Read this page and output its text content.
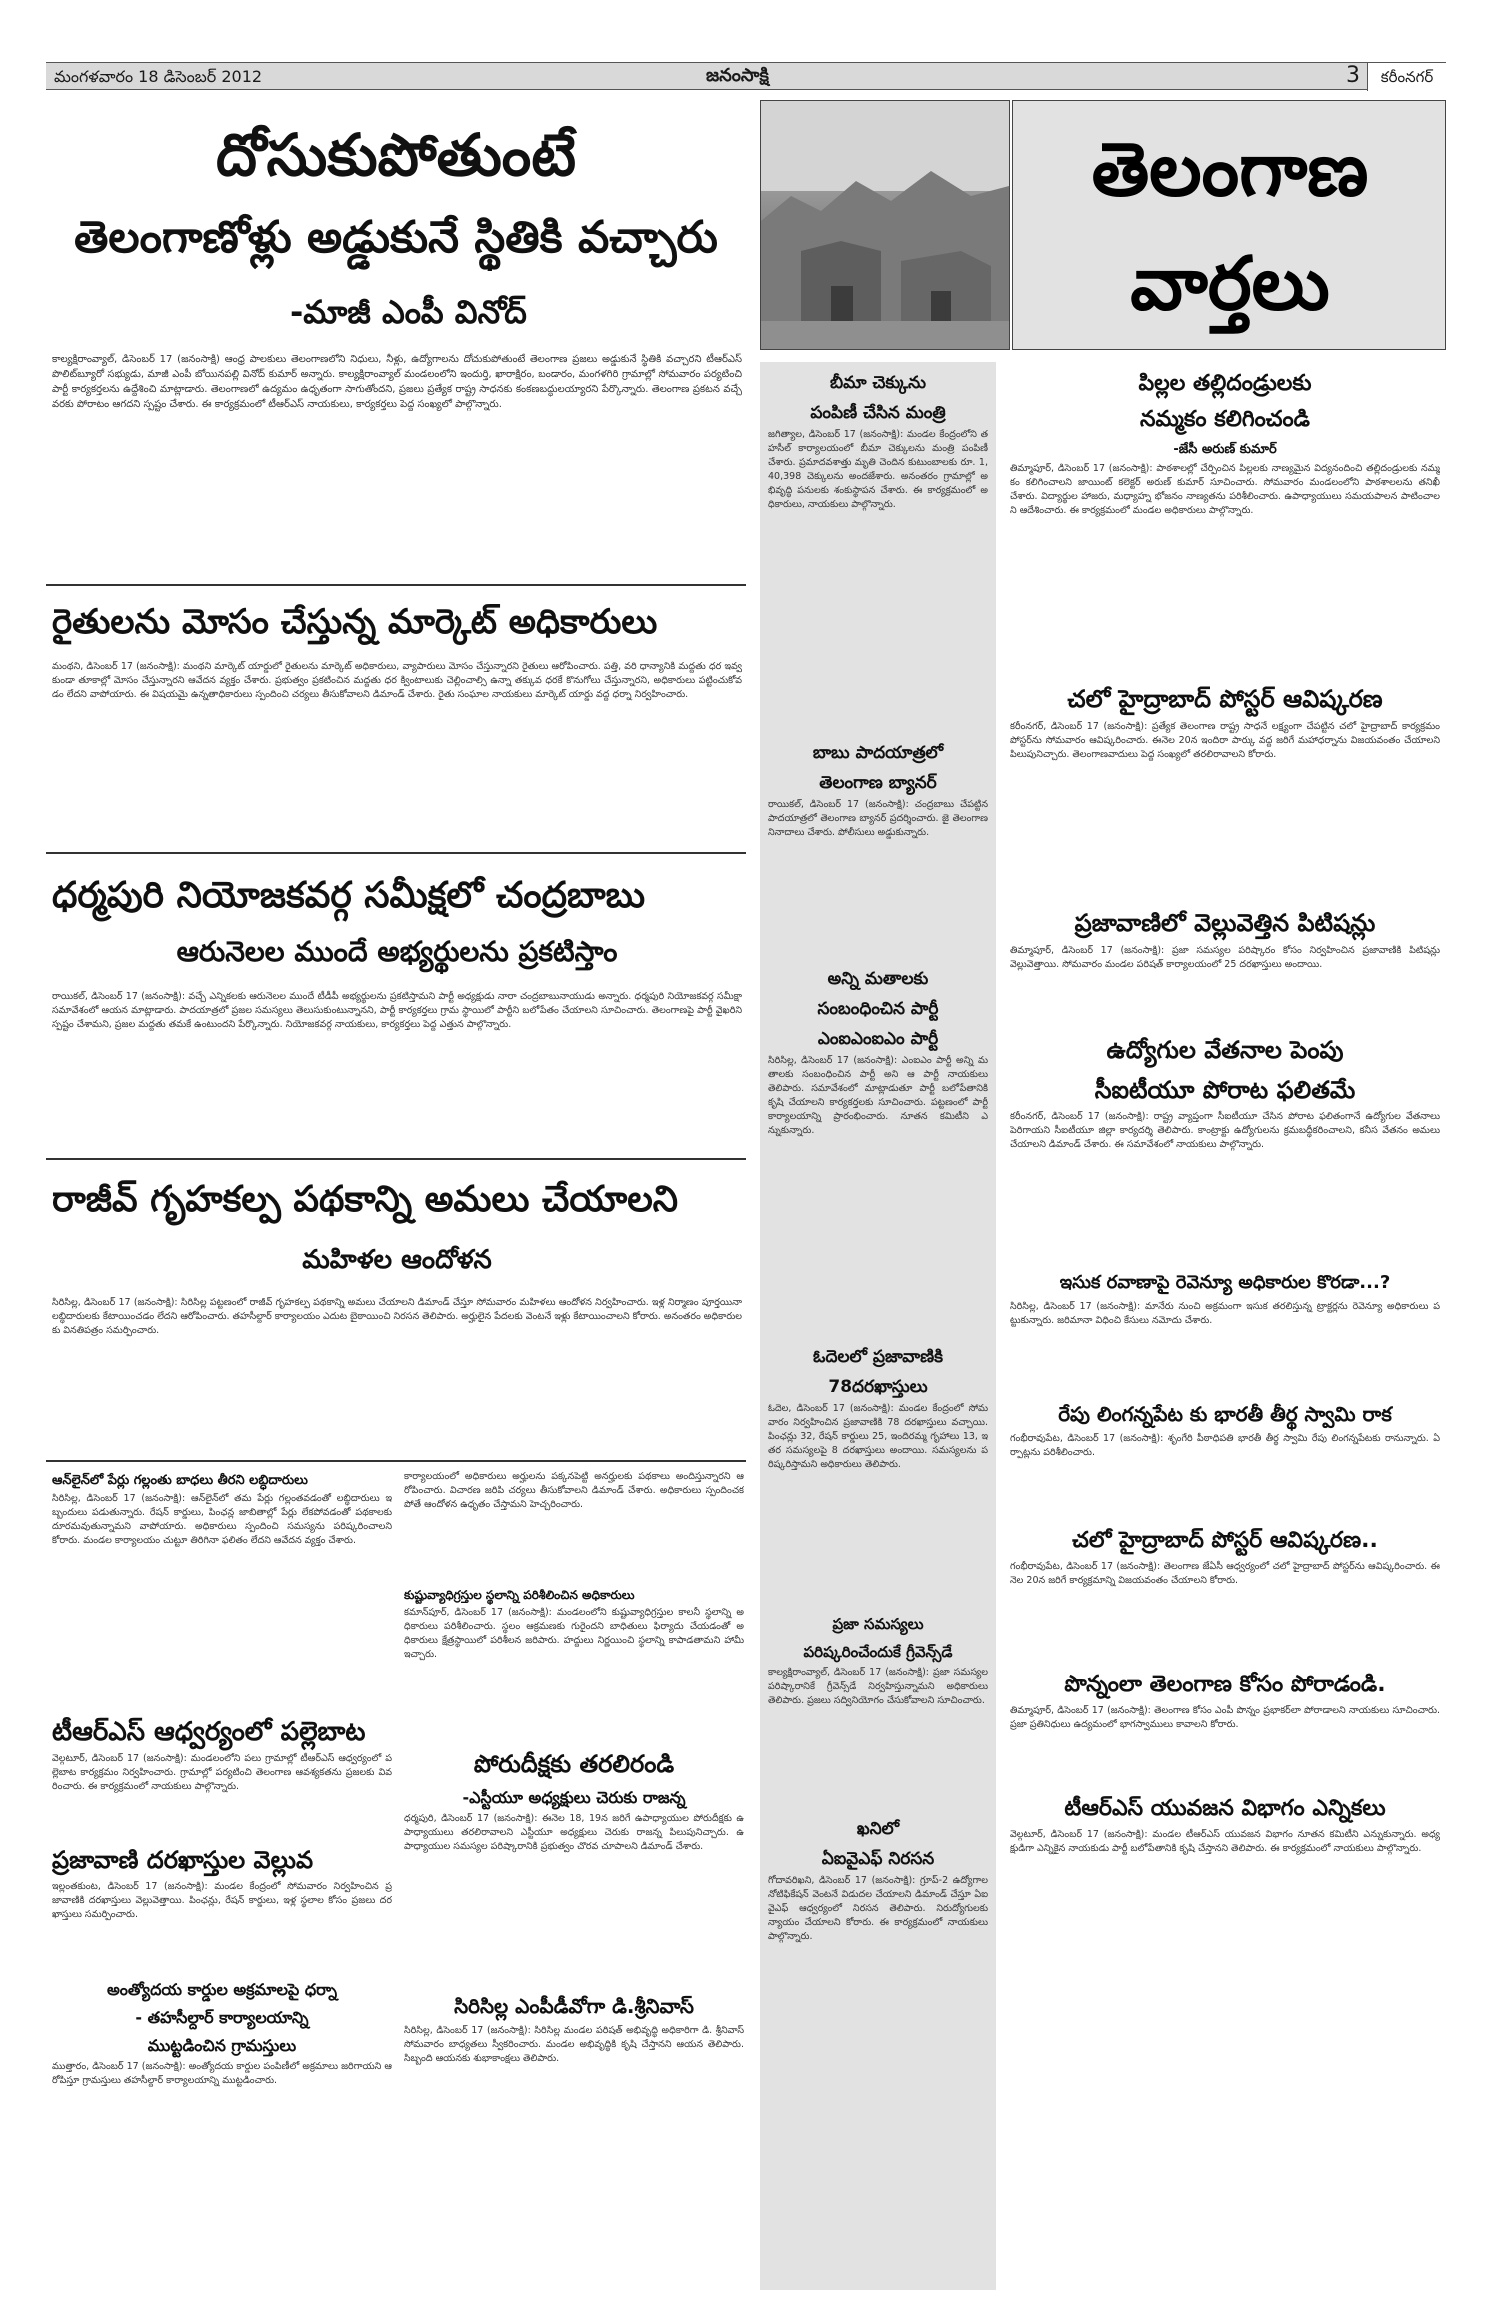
మంగళవారం 18 డిసెంబర్ 2012	జనంసాక్షి	3	కరీంనగర్
దోసుకుపోతుంటే
తెలంగాణోళ్లు అడ్డుకునే స్థితికి వచ్చారు
-మాజీ ఎంపీ వినోద్
కాల్యక్షిరాంవ్యాల్‌, డిసెంబర్‌ 17 (జనంసాక్షి) ఆంధ్ర పాలకులు తెలంగాణలోని నిధులు, నీళ్లు, ఉద్యోగాలను దోచుకుపోతుంటే తెలంగాణ ప్రజలు అడ్డుకునే స్థితికి వచ్చారని టీఆర్‌ఎస్‌ పొలిట్‌బ్యూరో సభ్యుడు, మాజీ ఎంపీ బోయినపల్లి వినోద్‌ కుమార్‌ అన్నారు. కాల్యక్షిరాంవ్యాల్‌ మండలంలోని ఇందుర్తి, ఖారాక్షిరం, బండారం, మంగళగిరి గ్రామాల్లో సోమవారం పర్యటించి పార్టీ కార్యకర్తలను ఉద్దేశించి మాట్లాడారు. తెలంగాణలో ఉద్యమం ఉధృతంగా సాగుతోందని, ప్రజలు ప్రత్యేక రాష్ట్ర సాధనకు కంకణబద్ధులయ్యారని పేర్కొన్నారు. తెలంగాణ ప్రకటన వచ్చే వరకు పోరాటం ఆగదని స్పష్టం చేశారు. ఈ కార్యక్రమంలో టీఆర్‌ఎస్‌ నాయకులు, కార్యకర్తలు పెద్ద సంఖ్యలో పాల్గొన్నారు.
రైతులను మోసం చేస్తున్న మార్కెట్‌ అధికారులు
మంథని, డిసెంబర్‌ 17 (జనంసాక్షి): మంథని మార్కెట్‌ యార్డులో రైతులను మార్కెట్‌ అధికారులు, వ్యాపారులు మోసం చేస్తున్నారని రైతులు ఆరోపించారు. పత్తి, వరి ధాన్యానికి మద్దతు ధర ఇవ్వకుండా తూకాల్లో మోసం చేస్తున్నారని ఆవేదన వ్యక్తం చేశారు. ప్రభుత్వం ప్రకటించిన మద్దతు ధర క్వింటాలుకు చెల్లించాల్సి ఉన్నా తక్కువ ధరకే కొనుగోలు చేస్తున్నారని, అధికారులు పట్టించుకోవడం లేదని వాపోయారు. ఈ విషయమై ఉన్నతాధికారులు స్పందించి చర్యలు తీసుకోవాలని డిమాండ్‌ చేశారు. రైతు సంఘాల నాయకులు మార్కెట్‌ యార్డు వద్ద ధర్నా నిర్వహించారు.
ధర్మపురి నియోజకవర్గ సమీక్షలో చంద్రబాబు
ఆరునెలల ముందే అభ్యర్థులను ప్రకటిస్తాం
రాయికల్‌, డిసెంబర్‌ 17 (జనంసాక్షి): వచ్చే ఎన్నికలకు ఆరునెలల ముందే టీడీపీ అభ్యర్థులను ప్రకటిస్తామని పార్టీ అధ్యక్షుడు నారా చంద్రబాబునాయుడు అన్నారు. ధర్మపురి నియోజకవర్గ సమీక్షా సమావేశంలో ఆయన మాట్లాడారు. పాదయాత్రలో ప్రజల సమస్యలు తెలుసుకుంటున్నానని, పార్టీ కార్యకర్తలు గ్రామ స్థాయిలో పార్టీని బలోపేతం చేయాలని సూచించారు. తెలంగాణపై పార్టీ వైఖరిని స్పష్టం చేశామని, ప్రజల మద్దతు తమకే ఉంటుందని పేర్కొన్నారు. నియోజకవర్గ నాయకులు, కార్యకర్తలు పెద్ద ఎత్తున పాల్గొన్నారు.
రాజీవ్‌ గృహకల్ప పథకాన్ని అమలు చేయాలని
మహిళల ఆందోళన
సిరిసిల్ల, డిసెంబర్‌ 17 (జనంసాక్షి): సిరిసిల్ల పట్టణంలో రాజీవ్‌ గృహకల్ప పథకాన్ని అమలు చేయాలని డిమాండ్‌ చేస్తూ సోమవారం మహిళలు ఆందోళన నిర్వహించారు. ఇళ్ల నిర్మాణం పూర్తయినా లబ్ధిదారులకు కేటాయించడం లేదని ఆరోపించారు. తహసీల్దార్‌ కార్యాలయం ఎదుట బైఠాయించి నిరసన తెలిపారు. అర్హులైన పేదలకు వెంటనే ఇళ్లు కేటాయించాలని కోరారు. అనంతరం అధికారులకు వినతిపత్రం సమర్పించారు.
ఆన్‌లైన్‌లో పేర్లు గల్లంతు బాధలు తీరని లబ్ధిదారులు
సిరిసిల్ల, డిసెంబర్‌ 17 (జనంసాక్షి): ఆన్‌లైన్‌లో తమ పేర్లు గల్లంతవడంతో లబ్ధిదారులు ఇబ్బందులు పడుతున్నారు. రేషన్‌ కార్డులు, పింఛన్ల జాబితాల్లో పేర్లు లేకపోవడంతో పథకాలకు దూరమవుతున్నామని వాపోయారు. అధికారులు స్పందించి సమస్యను పరిష్కరించాలని కోరారు. మండల కార్యాలయం చుట్టూ తిరిగినా ఫలితం లేదని ఆవేదన వ్యక్తం చేశారు.
టీఆర్‌ఎస్‌ ఆధ్వర్యంలో పల్లెబాట
వెల్గటూర్‌, డిసెంబర్‌ 17 (జనంసాక్షి): మండలంలోని పలు గ్రామాల్లో టీఆర్‌ఎస్‌ ఆధ్వర్యంలో పల్లెబాట కార్యక్రమం నిర్వహించారు. గ్రామాల్లో పర్యటించి తెలంగాణ ఆవశ్యకతను ప్రజలకు వివరించారు. ఈ కార్యక్రమంలో నాయకులు పాల్గొన్నారు.
ప్రజావాణి దరఖాస్తుల వెల్లువ
ఇల్లంతకుంట, డిసెంబర్‌ 17 (జనంసాక్షి): మండల కేంద్రంలో సోమవారం నిర్వహించిన ప్రజావాణికి దరఖాస్తులు వెల్లువెత్తాయి. పింఛన్లు, రేషన్‌ కార్డులు, ఇళ్ల స్థలాల కోసం ప్రజలు దరఖాస్తులు సమర్పించారు.
అంత్యోదయ కార్డుల అక్రమాలపై ధర్నా
- తహసీల్దార్‌ కార్యాలయాన్ని
ముట్టడించిన గ్రామస్తులు
ముత్తారం, డిసెంబర్‌ 17 (జనంసాక్షి): అంత్యోదయ కార్డుల పంపిణీలో అక్రమాలు జరిగాయని ఆరోపిస్తూ గ్రామస్తులు తహసీల్దార్‌ కార్యాలయాన్ని ముట్టడించారు.
కార్యాలయంలో అధికారులు అర్హులను పక్కనపెట్టి అనర్హులకు పథకాలు అందిస్తున్నారని ఆరోపించారు. విచారణ జరిపి చర్యలు తీసుకోవాలని డిమాండ్‌ చేశారు. అధికారులు స్పందించకపోతే ఆందోళన ఉధృతం చేస్తామని హెచ్చరించారు.
కుష్టువ్యాధిగ్రస్తుల స్థలాన్ని పరిశీలించిన అధికారులు
కమాన్‌పూర్‌, డిసెంబర్‌ 17 (జనంసాక్షి): మండలంలోని కుష్టువ్యాధిగ్రస్తుల కాలనీ స్థలాన్ని అధికారులు పరిశీలించారు. స్థలం ఆక్రమణకు గురైందని బాధితులు ఫిర్యాదు చేయడంతో అధికారులు క్షేత్రస్థాయిలో పరిశీలన జరిపారు. హద్దులు నిర్ణయించి స్థలాన్ని కాపాడతామని హామీ ఇచ్చారు.
పోరుదీక్షకు తరలిరండి
-ఎస్టీయూ అధ్యక్షులు చెరుకు రాజన్న
ధర్మపురి, డిసెంబర్‌ 17 (జనంసాక్షి): ఈనెల 18, 19న జరిగే ఉపాధ్యాయుల పోరుదీక్షకు ఉపాధ్యాయులు తరలిరావాలని ఎస్టీయూ అధ్యక్షులు చెరుకు రాజన్న పిలుపునిచ్చారు. ఉపాధ్యాయుల సమస్యల పరిష్కారానికి ప్రభుత్వం చొరవ చూపాలని డిమాండ్‌ చేశారు.
సిరిసిల్ల ఎంపీడీవోగా డి.శ్రీనివాస్‌
సిరిసిల్ల, డిసెంబర్‌ 17 (జనంసాక్షి): సిరిసిల్ల మండల పరిషత్‌ అభివృద్ధి అధికారిగా డి. శ్రీనివాస్‌ సోమవారం బాధ్యతలు స్వీకరించారు. మండల అభివృద్ధికి కృషి చేస్తానని ఆయన తెలిపారు. సిబ్బంది ఆయనకు శుభాకాంక్షలు తెలిపారు.
తెలంగాణ
వార్తలు
బీమా చెక్కును
పంపిణీ చేసిన మంత్రి
జగిత్యాల, డిసెంబర్‌ 17 (జనంసాక్షి): మండల కేంద్రంలోని తహసీల్‌ కార్యాలయంలో బీమా చెక్కులను మంత్రి పంపిణీ చేశారు. ప్రమాదవశాత్తు మృతి చెందిన కుటుంబాలకు రూ. 1,40,398 చెక్కులను అందజేశారు. అనంతరం గ్రామాల్లో అభివృద్ధి పనులకు శంకుస్థాపన చేశారు. ఈ కార్యక్రమంలో అధికారులు, నాయకులు పాల్గొన్నారు.
బాబు పాదయాత్రలో
తెలంగాణ బ్యానర్‌
రాయికల్‌, డిసెంబర్‌ 17 (జనంసాక్షి): చంద్రబాబు చేపట్టిన పాదయాత్రలో తెలంగాణ బ్యానర్‌ ప్రదర్శించారు. జై తెలంగాణ నినాదాలు చేశారు. పోలీసులు అడ్డుకున్నారు.
అన్ని మతాలకు
సంబంధించిన పార్టీ
ఎంఐఎంఐఎం పార్టీ
సిరిసిల్ల, డిసెంబర్‌ 17 (జనంసాక్షి): ఎంఐఎం పార్టీ అన్ని మతాలకు సంబంధించిన పార్టీ అని ఆ పార్టీ నాయకులు తెలిపారు. సమావేశంలో మాట్లాడుతూ పార్టీ బలోపేతానికి కృషి చేయాలని కార్యకర్తలకు సూచించారు. పట్టణంలో పార్టీ కార్యాలయాన్ని ప్రారంభించారు. నూతన కమిటీని ఎన్నుకున్నారు.
ఓదెలలో ప్రజావాణికి
78దరఖాస్తులు
ఓదెల, డిసెంబర్‌ 17 (జనంసాక్షి): మండల కేంద్రంలో సోమవారం నిర్వహించిన ప్రజావాణికి 78 దరఖాస్తులు వచ్చాయి. పింఛన్లు 32, రేషన్‌ కార్డులు 25, ఇందిరమ్మ గృహాలు 13, ఇతర సమస్యలపై 8 దరఖాస్తులు అందాయి. సమస్యలను పరిష్కరిస్తామని అధికారులు తెలిపారు.
ప్రజా సమస్యలు
పరిష్కరించేందుకే గ్రీవెన్స్‌డే
కాల్యక్షిరాంవ్యాల్‌, డిసెంబర్‌ 17 (జనంసాక్షి): ప్రజా సమస్యల పరిష్కారానికే గ్రీవెన్స్‌డే నిర్వహిస్తున్నామని అధికారులు తెలిపారు. ప్రజలు సద్వినియోగం చేసుకోవాలని సూచించారు.
ఖనిలో
ఏఐవైఎఫ్‌ నిరసన
గోదావరిఖని, డిసెంబర్‌ 17 (జనంసాక్షి): గ్రూప్‌-2 ఉద్యోగాల నోటిఫికేషన్‌ వెంటనే విడుదల చేయాలని డిమాండ్‌ చేస్తూ ఏఐవైఎఫ్‌ ఆధ్వర్యంలో నిరసన తెలిపారు. నిరుద్యోగులకు న్యాయం చేయాలని కోరారు. ఈ కార్యక్రమంలో నాయకులు పాల్గొన్నారు.
పిల్లల తల్లిదండ్రులకు
నమ్మకం కలిగించండి
-జేసీ అరుణ్‌ కుమార్‌
తిమ్మాపూర్‌, డిసెంబర్‌ 17 (జనంసాక్షి): పాఠశాలల్లో చేర్పించిన పిల్లలకు నాణ్యమైన విద్యనందించి తల్లిదండ్రులకు నమ్మకం కలిగించాలని జాయింట్‌ కలెక్టర్‌ అరుణ్‌ కుమార్‌ సూచించారు. సోమవారం మండలంలోని పాఠశాలలను తనిఖీ చేశారు. విద్యార్థుల హాజరు, మధ్యాహ్న భోజనం నాణ్యతను పరిశీలించారు. ఉపాధ్యాయులు సమయపాలన పాటించాలని ఆదేశించారు. ఈ కార్యక్రమంలో మండల అధికారులు పాల్గొన్నారు.
చలో హైద్రాబాద్‌ పోస్టర్‌ ఆవిష్కరణ
కరీంనగర్‌, డిసెంబర్‌ 17 (జనంసాక్షి): ప్రత్యేక తెలంగాణ రాష్ట్ర సాధనే లక్ష్యంగా చేపట్టిన చలో హైద్రాబాద్‌ కార్యక్రమం పోస్టర్‌ను సోమవారం ఆవిష్కరించారు. ఈనెల 20న ఇందిరా పార్కు వద్ద జరిగే మహాధర్నాను విజయవంతం చేయాలని పిలుపునిచ్చారు. తెలంగాణవాదులు పెద్ద సంఖ్యలో తరలిరావాలని కోరారు.
ప్రజావాణిలో వెల్లువెత్తిన పిటిషన్లు
తిమ్మాపూర్‌, డిసెంబర్‌ 17 (జనంసాక్షి): ప్రజా సమస్యల పరిష్కారం కోసం నిర్వహించిన ప్రజావాణికి పిటిషన్లు వెల్లువెత్తాయి. సోమవారం మండల పరిషత్‌ కార్యాలయంలో 25 దరఖాస్తులు అందాయి.
ఉద్యోగుల వేతనాల పెంపు
సీఐటీయూ పోరాట ఫలితమే
కరీంనగర్‌, డిసెంబర్‌ 17 (జనంసాక్షి): రాష్ట్ర వ్యాప్తంగా సీఐటీయూ చేసిన పోరాట ఫలితంగానే ఉద్యోగుల వేతనాలు పెరిగాయని సీఐటీయూ జిల్లా కార్యదర్శి తెలిపారు. కాంట్రాక్టు ఉద్యోగులను క్రమబద్ధీకరించాలని, కనీస వేతనం అమలు చేయాలని డిమాండ్‌ చేశారు. ఈ సమావేశంలో నాయకులు పాల్గొన్నారు.
ఇసుక రవాణాపై రెవెన్యూ అధికారుల కొరడా...?
సిరిసిల్ల, డిసెంబర్‌ 17 (జనంసాక్షి): మానేరు నుంచి అక్రమంగా ఇసుక తరలిస్తున్న ట్రాక్టర్లను రెవెన్యూ అధికారులు పట్టుకున్నారు. జరిమానా విధించి కేసులు నమోదు చేశారు.
రేపు లింగన్నపేట కు భారతీ తీర్థ స్వామి రాక
గంభీరావుపేట, డిసెంబర్‌ 17 (జనంసాక్షి): శృంగేరి పీఠాధిపతి భారతీ తీర్థ స్వామి రేపు లింగన్నపేటకు రానున్నారు. ఏర్పాట్లను పరిశీలించారు.
చలో హైద్రాబాద్‌ పోస్టర్‌ ఆవిష్కరణ..
గంభీరావుపేట, డిసెంబర్‌ 17 (జనంసాక్షి): తెలంగాణ జేఏసీ ఆధ్వర్యంలో చలో హైద్రాబాద్‌ పోస్టర్‌ను ఆవిష్కరించారు. ఈనెల 20న జరిగే కార్యక్రమాన్ని విజయవంతం చేయాలని కోరారు.
పొన్నంలా తెలంగాణ కోసం పోరాడండి.
తిమ్మాపూర్‌, డిసెంబర్‌ 17 (జనంసాక్షి): తెలంగాణ కోసం ఎంపీ పొన్నం ప్రభాకర్‌లా పోరాడాలని నాయకులు సూచించారు. ప్రజా ప్రతినిధులు ఉద్యమంలో భాగస్వాములు కావాలని కోరారు.
టీఆర్‌ఎస్‌ యువజన విభాగం ఎన్నికలు
వెల్గటూర్‌, డిసెంబర్‌ 17 (జనంసాక్షి): మండల టీఆర్‌ఎస్‌ యువజన విభాగం నూతన కమిటీని ఎన్నుకున్నారు. అధ్యక్షుడిగా ఎన్నికైన నాయకుడు పార్టీ బలోపేతానికి కృషి చేస్తానని తెలిపారు. ఈ కార్యక్రమంలో నాయకులు పాల్గొన్నారు.
